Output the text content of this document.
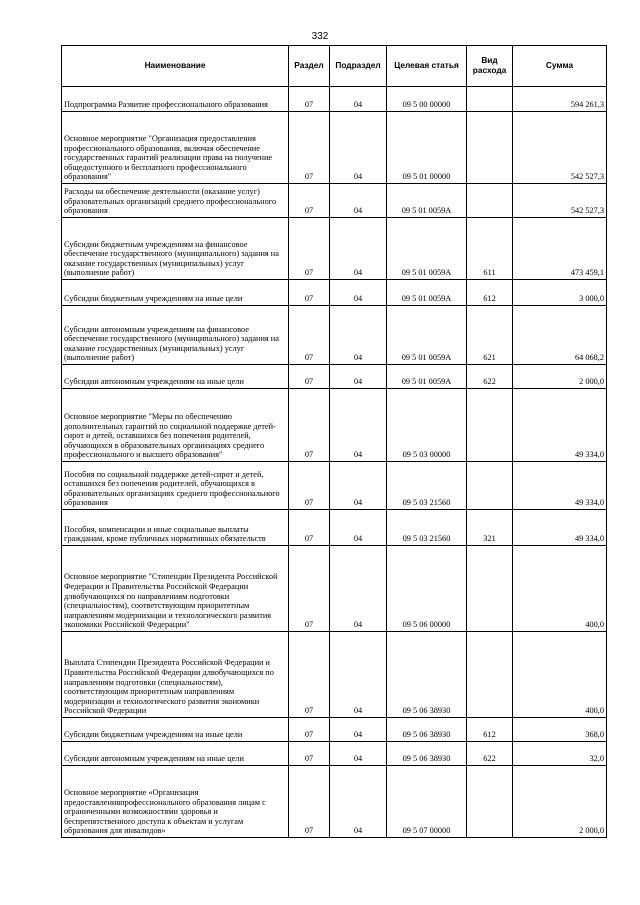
332
Наименование	Раздел	Подраздел	Целевая статья	Вид расхода	Сумма
Подпрограмма Развитие профессионального образования	07	04	09 5 00 00000		594 261,3
Основное мероприятие "Организация предоставления профессионального образования, включая обеспечение государственных гарантий реализации права на получение общедоступного и бесплатного профессионального образования"	07	04	09 5 01 00000		542 527,3
Расходы на обеспечение деятельности (оказание услуг) образовательных организаций среднего профессионального образования	07	04	09 5 01 0059А		542 527,3
Субсидии бюджетным учреждениям на финансовое обеспечение государственного (муниципального) задания на оказание государственных (муниципальных) услуг (выполнение работ)	07	04	09 5 01 0059А	611	473 459,1
Субсидии бюджетным учреждениям на иные цели	07	04	09 5 01 0059А	612	3 000,0
Субсидии автономным учреждениям на финансовое обеспечение государственного (муниципального) задания на оказание государственных (муниципальных) услуг (выполнение работ)	07	04	09 5 01 0059А	621	64 068,2
Субсидии автономным учреждениям на иные цели	07	04	09 5 01 0059А	622	2 000,0
Основное мероприятие "Меры по обеспечению дополнительных гарантий по социальной поддержке детей-сирот и детей, оставшихся без попечения родителей, обучающихся в образовательных организациях среднего профессионального и высшего образования"	07	04	09 5 03 00000		49 334,0
Пособия по социальной поддержке детей-сирот и детей, оставшихся без попечения родителей, обучающихся в образовательных организациях среднего профессионального образования	07	04	09 5 03 21560		49 334,0
Пособия, компенсации и иные социальные выплаты гражданам, кроме публичных нормативных обязательств	07	04	09 5 03 21560	321	49 334,0
Основное мероприятие "Стипендии Президента Российской Федерации и Правительства Российской Федерации длвобучающихся по направлениям подготовки (специальностям), соответствующим приоритетным направлениям модернизации и технологического развития экономики Российской Федерации"	07	04	09 5 06 00000		400,0
Выплата Стипендии Президента Российской Федерации и Правительства Российской Федерации длвобучающихся по направлениям подготовки (специальностям), соответствующим приоритетным направлениям модернизации и технологического развития экономики Российской Федерации	07	04	09 5 06 38930		400,0
Субсидии бюджетным учреждениям на иные цели	07	04	09 5 06 38930	612	368,0
Субсидии автономным учреждениям на иные цели	07	04	09 5 06 38930	622	32,0
Основное мероприятие «Организация предоставленияпрофессионального образования лицам с ограниченными возможностями здоровья и беспрепятственного доступа к объектам и услугам образования для инвалидов»	07	04	09 5 07 00000		2 000,0
